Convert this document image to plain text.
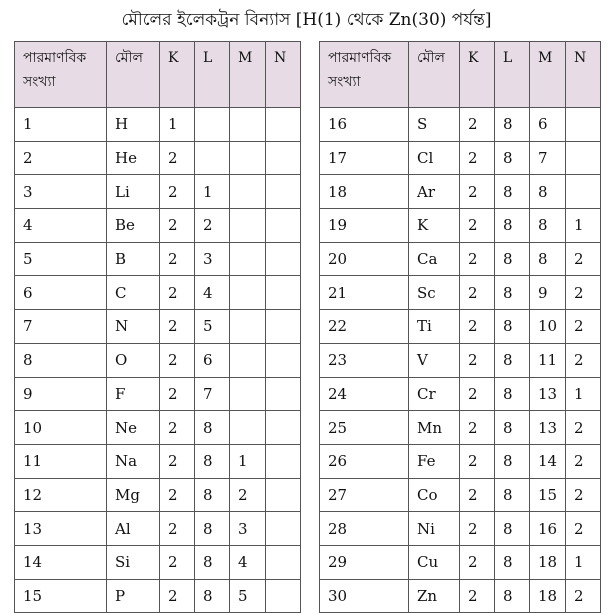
মৌলের ইলেকট্রন বিন্যাস [H(1) থেকে Zn(30) পর্যন্ত]
পারমাণবিক
সংখ্যা	মৌল	K	L	M	N
1	H	1			
2	He	2			
3	Li	2	1		
4	Be	2	2		
5	B	2	3		
6	C	2	4		
7	N	2	5		
8	O	2	6		
9	F	2	7		
10	Ne	2	8		
11	Na	2	8	1	
12	Mg	2	8	2	
13	Al	2	8	3	
14	Si	2	8	4	
15	P	2	8	5	
পারমাণবিক
সংখ্যা	মৌল	K	L	M	N
16	S	2	8	6	
17	Cl	2	8	7	
18	Ar	2	8	8	
19	K	2	8	8	1
20	Ca	2	8	8	2
21	Sc	2	8	9	2
22	Ti	2	8	10	2
23	V	2	8	11	2
24	Cr	2	8	13	1
25	Mn	2	8	13	2
26	Fe	2	8	14	2
27	Co	2	8	15	2
28	Ni	2	8	16	2
29	Cu	2	8	18	1
30	Zn	2	8	18	2
